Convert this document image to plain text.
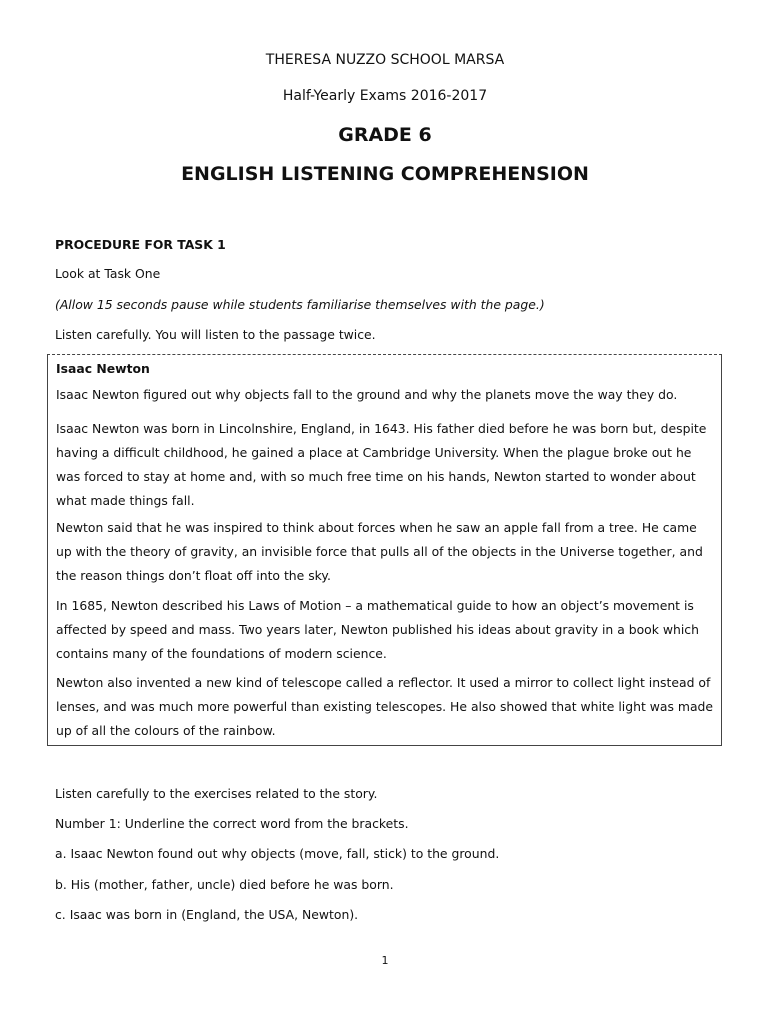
THERESA NUZZO SCHOOL MARSA
Half-Yearly Exams 2016-2017
GRADE 6
ENGLISH LISTENING COMPREHENSION
PROCEDURE FOR TASK 1
Look at Task One
(Allow 15 seconds pause while students familiarise themselves with the page.)
Listen carefully. You will listen to the passage twice.
Isaac Newton
Isaac Newton figured out why objects fall to the ground and why the planets move the way they do.
Isaac Newton was born in Lincolnshire, England, in 1643. His father died before he was born but, despite having a difficult childhood, he gained a place at Cambridge University. When the plague broke out he was forced to stay at home and, with so much free time on his hands, Newton started to wonder about what made things fall.
Newton said that he was inspired to think about forces when he saw an apple fall from a tree. He came up with the theory of gravity, an invisible force that pulls all of the objects in the Universe together, and the reason things don’t float off into the sky.
In 1685, Newton described his Laws of Motion – a mathematical guide to how an object’s movement is affected by speed and mass. Two years later, Newton published his ideas about gravity in a book which contains many of the foundations of modern science.
Newton also invented a new kind of telescope called a reflector. It used a mirror to collect light instead of lenses, and was much more powerful than existing telescopes. He also showed that white light was made up of all the colours of the rainbow.
Listen carefully to the exercises related to the story.
Number 1: Underline the correct word from the brackets.
a. Isaac Newton found out why objects (move, fall, stick) to the ground.
b. His (mother, father, uncle) died before he was born.
c. Isaac was born in (England, the USA, Newton).
1
